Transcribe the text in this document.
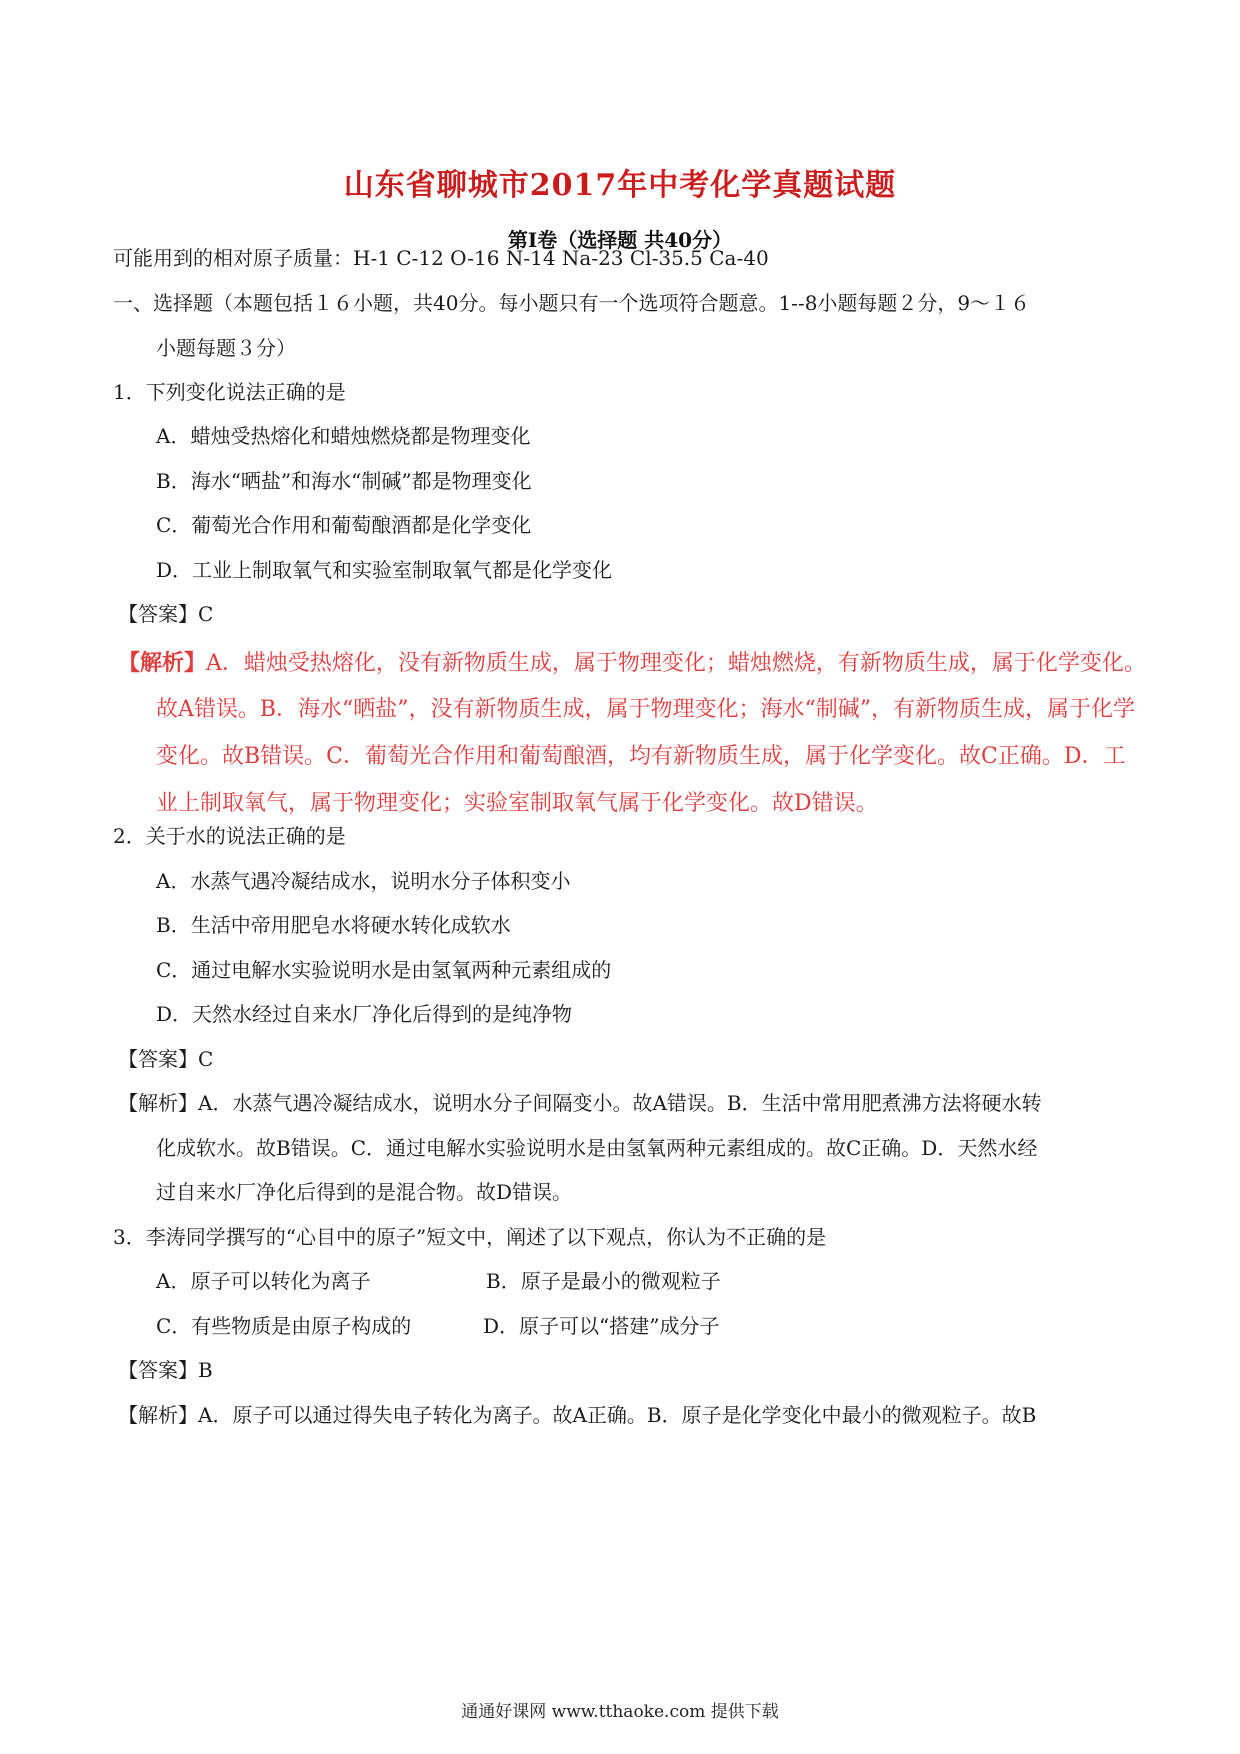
山东省聊城市2017年中考化学真题试题
第Ⅰ卷（选择题 共40分）
可能用到的相对原子质量：H-1 C-12 O-16 N-14 Na-23 Cl-35.5 Ca-40
一、选择题（本题包括１６小题，共40分。每小题只有一个选项符合题意。1--8小题每题２分，9～１６
小题每题３分）
1．下列变化说法正确的是
A．蜡烛受热熔化和蜡烛燃烧都是物理变化
B．海水“晒盐”和海水“制碱”都是物理变化
C．葡萄光合作用和葡萄酿酒都是化学变化
D．工业上制取氧气和实验室制取氧气都是化学变化
【答案】C
【解析】A．蜡烛受热熔化，没有新物质生成，属于物理变化；蜡烛燃烧，有新物质生成，属于化学变化。
故A错误。B．海水“晒盐”，没有新物质生成，属于物理变化；海水“制碱”，有新物质生成，属于化学
变化。故B错误。C．葡萄光合作用和葡萄酿酒，均有新物质生成，属于化学变化。故C正确。D．工
业上制取氧气，属于物理变化；实验室制取氧气属于化学变化。故D错误。
2．关于水的说法正确的是
A．水蒸气遇冷凝结成水，说明水分子体积变小
B．生活中帝用肥皂水将硬水转化成软水
C．通过电解水实验说明水是由氢氧两种元素组成的
D．天然水经过自来水厂净化后得到的是纯净物
【答案】C
【解析】A．水蒸气遇冷凝结成水，说明水分子间隔变小。故A错误。B．生活中常用肥煮沸方法将硬水转
化成软水。故B错误。C．通过电解水实验说明水是由氢氧两种元素组成的。故C正确。D．天然水经
过自来水厂净化后得到的是混合物。故D错误。
3．李涛同学撰写的“心目中的原子”短文中，阐述了以下观点，你认为不正确的是
A．原子可以转化为离子	B．原子是最小的微观粒子
C．有些物质是由原子构成的	D．原子可以“搭建”成分子
【答案】B
【解析】A．原子可以通过得失电子转化为离子。故A正确。B．原子是化学变化中最小的微观粒子。故B
通通好课网 www.tthaoke.com 提供下载
